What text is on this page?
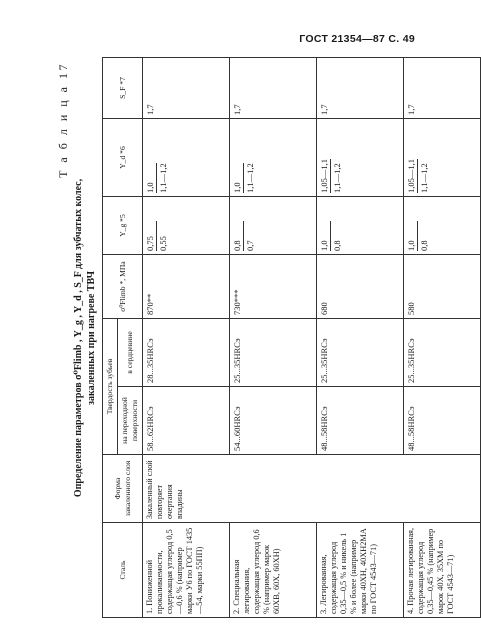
ГОСТ 21354—87 С. 49
Т а б л и ц а 17
Определение параметров σ⁰Flimb , Y_g , Y_d , S_F для зубчатых колес, закаленных при нагреве ТВЧ
Сталь	Форма закаленного слоя	Твердость зубьев		σ⁰Flimb *, МПа	Y_g *5	Y_d *6	S_F *7
		на переходной поверхности	в сердцевине				
1. Пониженной прокаливаемости, содержащая углерод 0,5—0,6 % (например марки У6 по ГОСТ 1435—54, марки 55ПП)	Закаленный слой повторяет очертания впадины	58...62HRCэ	28...35HRCэ	870**	0,75 0,55	1,0 1,1—1,2	1,7
2. Специальная легирования, содержащая углерод 0,6 % (например марок 60ХВ, 60Х, 60ХН)		54...60HRCэ	25...35HRCэ	730***	0,8 0,7	1,0 1,1—1,2	1,7
3. Легированная, содержащая углерод 0,35—0,5 % и никель 1 % и более (например марки 40ХН, 40ХН2МА по ГОСТ 4543—71)		48...58HRCэ	25...35HRCэ	680	1,0 0,8	1,05—1,1 1,1—1,2	1,7
4. Прочая легированная, содержащая углерод 0,35—0,45 % (например марок 40Х, 35ХМ по ГОСТ 4543—71)		48...58HRCэ	25...35HRCэ	580	1,0 0,8	1,05—1,1 1,1—1,2	1,7
